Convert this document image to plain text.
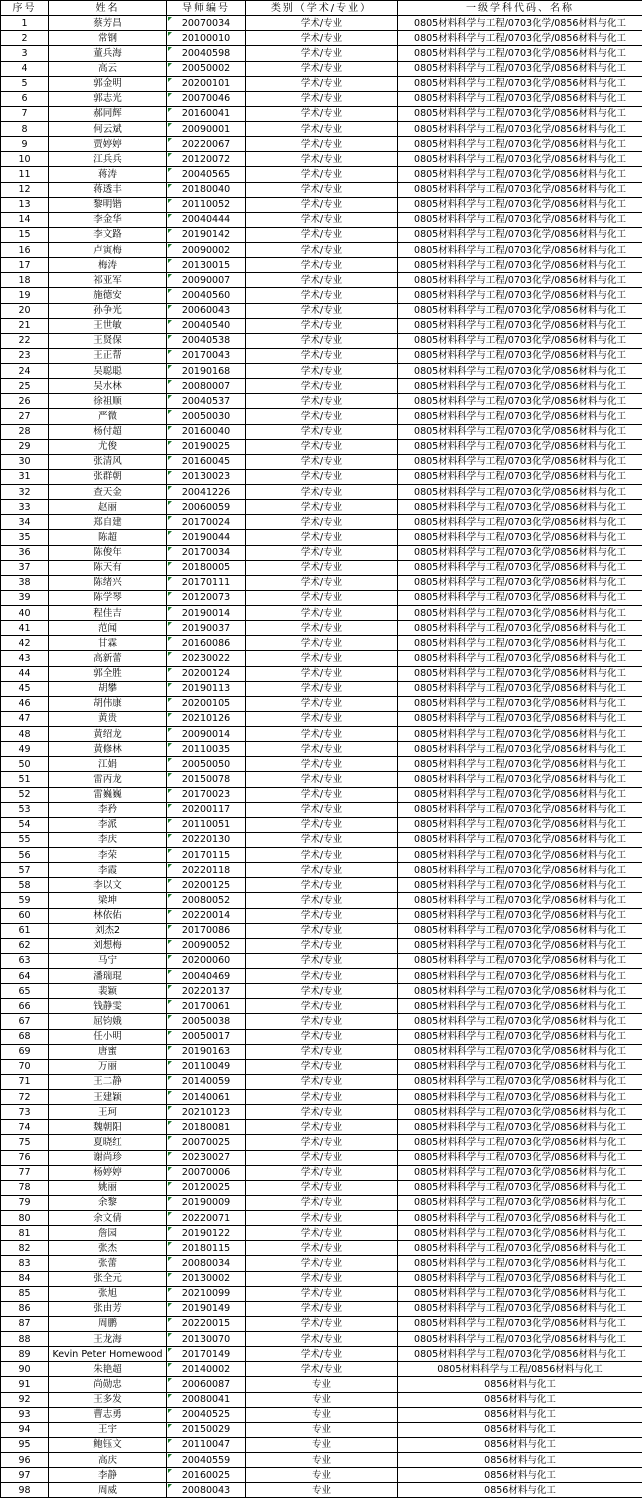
序号	姓名	导师编号	类别（学术/专业）	一级学科代码、名称
1	蔡芳昌	20070034	学术/专业	0805材料科学与工程/0703化学/0856材料与化工
2	常钢	20100010	学术/专业	0805材料科学与工程/0703化学/0856材料与化工
3	董兵海	20040598	学术/专业	0805材料科学与工程/0703化学/0856材料与化工
4	高云	20050002	学术/专业	0805材料科学与工程/0703化学/0856材料与化工
5	郭金明	20200101	学术/专业	0805材料科学与工程/0703化学/0856材料与化工
6	郭志光	20070046	学术/专业	0805材料科学与工程/0703化学/0856材料与化工
7	郝同辉	20160041	学术/专业	0805材料科学与工程/0703化学/0856材料与化工
8	何云斌	20090001	学术/专业	0805材料科学与工程/0703化学/0856材料与化工
9	贾婷婷	20220067	学术/专业	0805材料科学与工程/0703化学/0856材料与化工
10	江兵兵	20120072	学术/专业	0805材料科学与工程/0703化学/0856材料与化工
11	蒋涛	20040565	学术/专业	0805材料科学与工程/0703化学/0856材料与化工
12	蒋透丰	20180040	学术/专业	0805材料科学与工程/0703化学/0856材料与化工
13	黎明锴	20110052	学术/专业	0805材料科学与工程/0703化学/0856材料与化工
14	李金华	20040444	学术/专业	0805材料科学与工程/0703化学/0856材料与化工
15	李文路	20190142	学术/专业	0805材料科学与工程/0703化学/0856材料与化工
16	卢寅梅	20090002	学术/专业	0805材料科学与工程/0703化学/0856材料与化工
17	梅涛	20130015	学术/专业	0805材料科学与工程/0703化学/0856材料与化工
18	祁亚军	20090007	学术/专业	0805材料科学与工程/0703化学/0856材料与化工
19	施德安	20040560	学术/专业	0805材料科学与工程/0703化学/0856材料与化工
20	孙争光	20060043	学术/专业	0805材料科学与工程/0703化学/0856材料与化工
21	王世敏	20040540	学术/专业	0805材料科学与工程/0703化学/0856材料与化工
22	王贤保	20040538	学术/专业	0805材料科学与工程/0703化学/0856材料与化工
23	王正帮	20170043	学术/专业	0805材料科学与工程/0703化学/0856材料与化工
24	吴聪聪	20190168	学术/专业	0805材料科学与工程/0703化学/0856材料与化工
25	吴水林	20080007	学术/专业	0805材料科学与工程/0703化学/0856材料与化工
26	徐祖顺	20040537	学术/专业	0805材料科学与工程/0703化学/0856材料与化工
27	严微	20050030	学术/专业	0805材料科学与工程/0703化学/0856材料与化工
28	杨付超	20160040	学术/专业	0805材料科学与工程/0703化学/0856材料与化工
29	尤俊	20190025	学术/专业	0805材料科学与工程/0703化学/0856材料与化工
30	张清风	20160045	学术/专业	0805材料科学与工程/0703化学/0856材料与化工
31	张群朝	20130023	学术/专业	0805材料科学与工程/0703化学/0856材料与化工
32	查天金	20041226	学术/专业	0805材料科学与工程/0703化学/0856材料与化工
33	赵丽	20060059	学术/专业	0805材料科学与工程/0703化学/0856材料与化工
34	郑自建	20170024	学术/专业	0805材料科学与工程/0703化学/0856材料与化工
35	陈超	20190044	学术/专业	0805材料科学与工程/0703化学/0856材料与化工
36	陈俊年	20170034	学术/专业	0805材料科学与工程/0703化学/0856材料与化工
37	陈天有	20180005	学术/专业	0805材料科学与工程/0703化学/0856材料与化工
38	陈绪兴	20170111	学术/专业	0805材料科学与工程/0703化学/0856材料与化工
39	陈学琴	20120073	学术/专业	0805材料科学与工程/0703化学/0856材料与化工
40	程佳吉	20190014	学术/专业	0805材料科学与工程/0703化学/0856材料与化工
41	范闻	20190037	学术/专业	0805材料科学与工程/0703化学/0856材料与化工
42	甘霖	20160086	学术/专业	0805材料科学与工程/0703化学/0856材料与化工
43	高新蕾	20230022	学术/专业	0805材料科学与工程/0703化学/0856材料与化工
44	郭全胜	20200124	学术/专业	0805材料科学与工程/0703化学/0856材料与化工
45	胡攀	20190113	学术/专业	0805材料科学与工程/0703化学/0856材料与化工
46	胡伟康	20200105	学术/专业	0805材料科学与工程/0703化学/0856材料与化工
47	黄贵	20210126	学术/专业	0805材料科学与工程/0703化学/0856材料与化工
48	黄绍龙	20090014	学术/专业	0805材料科学与工程/0703化学/0856材料与化工
49	黄修林	20110035	学术/专业	0805材料科学与工程/0703化学/0856材料与化工
50	江娟	20050050	学术/专业	0805材料科学与工程/0703化学/0856材料与化工
51	雷丙龙	20150078	学术/专业	0805材料科学与工程/0703化学/0856材料与化工
52	雷巍巍	20170023	学术/专业	0805材料科学与工程/0703化学/0856材料与化工
53	李矜	20200117	学术/专业	0805材料科学与工程/0703化学/0856材料与化工
54	李派	20110051	学术/专业	0805材料科学与工程/0703化学/0856材料与化工
55	李庆	20220130	学术/专业	0805材料科学与工程/0703化学/0856材料与化工
56	李荣	20170115	学术/专业	0805材料科学与工程/0703化学/0856材料与化工
57	李霞	20220118	学术/专业	0805材料科学与工程/0703化学/0856材料与化工
58	李以文	20200125	学术/专业	0805材料科学与工程/0703化学/0856材料与化工
59	梁坤	20080052	学术/专业	0805材料科学与工程/0703化学/0856材料与化工
60	林依佑	20220014	学术/专业	0805材料科学与工程/0703化学/0856材料与化工
61	刘杰2	20170086	学术/专业	0805材料科学与工程/0703化学/0856材料与化工
62	刘想梅	20090052	学术/专业	0805材料科学与工程/0703化学/0856材料与化工
63	马宁	20200060	学术/专业	0805材料科学与工程/0703化学/0856材料与化工
64	潘瑞琨	20040469	学术/专业	0805材料科学与工程/0703化学/0856材料与化工
65	裴颖	20220137	学术/专业	0805材料科学与工程/0703化学/0856材料与化工
66	钱静雯	20170061	学术/专业	0805材料科学与工程/0703化学/0856材料与化工
67	屈钧娥	20050038	学术/专业	0805材料科学与工程/0703化学/0856材料与化工
68	任小明	20050017	学术/专业	0805材料科学与工程/0703化学/0856材料与化工
69	唐蜜	20190163	学术/专业	0805材料科学与工程/0703化学/0856材料与化工
70	万丽	20110049	学术/专业	0805材料科学与工程/0703化学/0856材料与化工
71	王二静	20140059	学术/专业	0805材料科学与工程/0703化学/0856材料与化工
72	王建颖	20140061	学术/专业	0805材料科学与工程/0703化学/0856材料与化工
73	王珂	20210123	学术/专业	0805材料科学与工程/0703化学/0856材料与化工
74	魏朝阳	20180081	学术/专业	0805材料科学与工程/0703化学/0856材料与化工
75	夏晓红	20070025	学术/专业	0805材料科学与工程/0703化学/0856材料与化工
76	谢尚珍	20230027	学术/专业	0805材料科学与工程/0703化学/0856材料与化工
77	杨婷婷	20070006	学术/专业	0805材料科学与工程/0703化学/0856材料与化工
78	姚丽	20120025	学术/专业	0805材料科学与工程/0703化学/0856材料与化工
79	余黎	20190009	学术/专业	0805材料科学与工程/0703化学/0856材料与化工
80	余文倩	20220071	学术/专业	0805材料科学与工程/0703化学/0856材料与化工
81	詹园	20190122	学术/专业	0805材料科学与工程/0703化学/0856材料与化工
82	张杰	20180115	学术/专业	0805材料科学与工程/0703化学/0856材料与化工
83	张蕾	20080034	学术/专业	0805材料科学与工程/0703化学/0856材料与化工
84	张全元	20130002	学术/专业	0805材料科学与工程/0703化学/0856材料与化工
85	张旭	20210099	学术/专业	0805材料科学与工程/0703化学/0856材料与化工
86	张由芳	20190149	学术/专业	0805材料科学与工程/0703化学/0856材料与化工
87	周鹏	20220015	学术/专业	0805材料科学与工程/0703化学/0856材料与化工
88	王龙海	20130070	学术/专业	0805材料科学与工程/0703化学/0856材料与化工
89	Kevin Peter Homewood	20170149	学术/专业	0805材料科学与工程/0703化学/0856材料与化工
90	朱艳超	20140002	学术/专业	0805材料科学与工程/0856材料与化工
91	尚勋忠	20060087	专业	0856材料与化工
92	王多发	20080041	专业	0856材料与化工
93	曹志勇	20040525	专业	0856材料与化工
94	王宇	20150029	专业	0856材料与化工
95	鲍钰文	20110047	专业	0856材料与化工
96	高庆	20040559	专业	0856材料与化工
97	李静	20160025	专业	0856材料与化工
98	周威	20080043	专业	0856材料与化工
